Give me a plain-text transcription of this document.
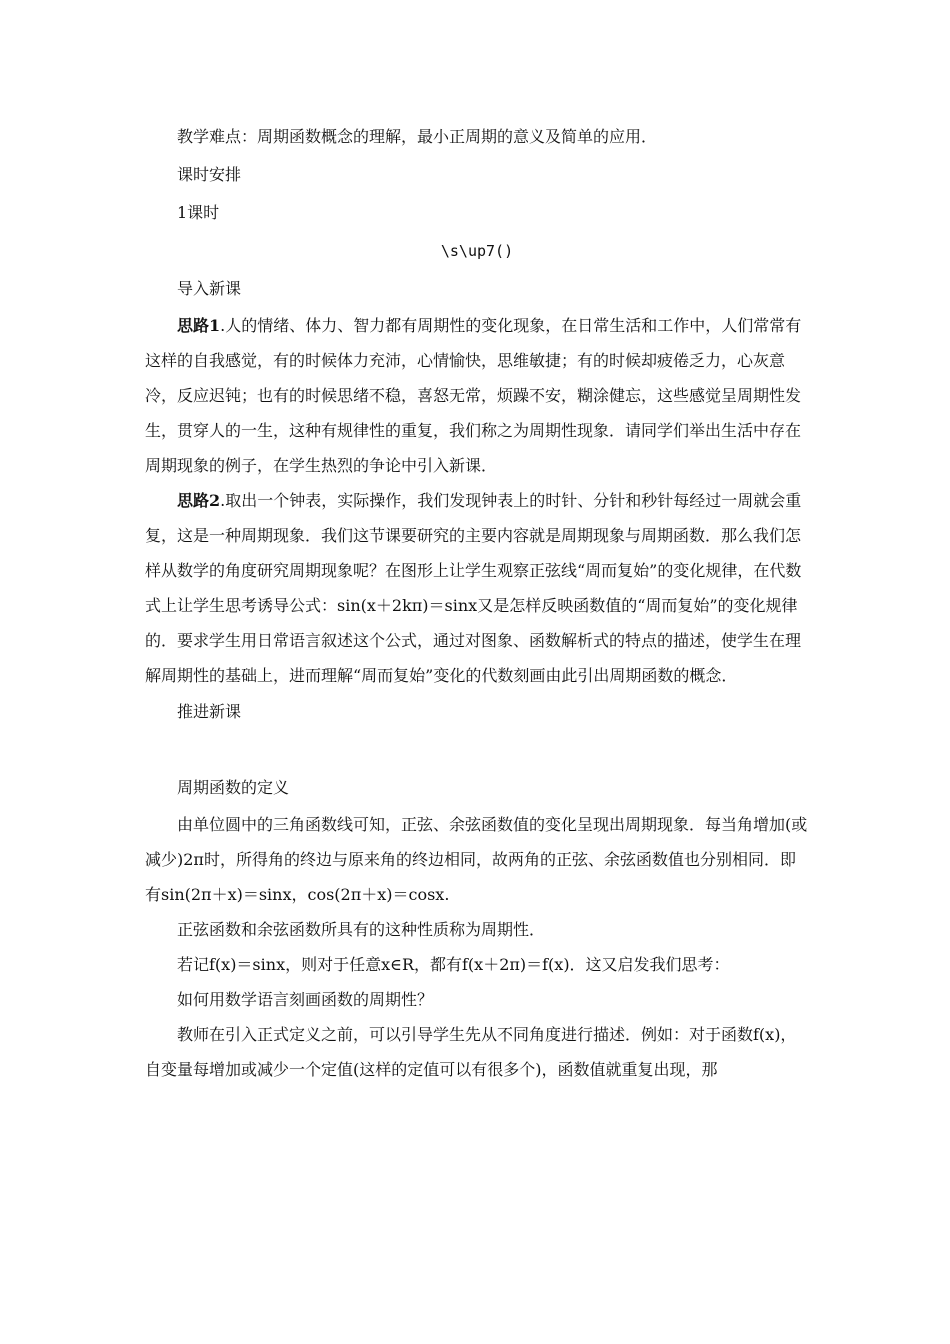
教学难点：周期函数概念的理解，最小正周期的意义及简单的应用．

课时安排

1课时

\s\up7()

导入新课

思路1.人的情绪、体力、智力都有周期性的变化现象，在日常生活和工作中，人们常常有这样的自我感觉，有的时候体力充沛，心情愉快，思维敏捷；有的时候却疲倦乏力，心灰意冷，反应迟钝；也有的时候思绪不稳，喜怒无常，烦躁不安，糊涂健忘，这些感觉呈周期性发生，贯穿人的一生，这种有规律性的重复，我们称之为周期性现象．请同学们举出生活中存在周期现象的例子，在学生热烈的争论中引入新课．

思路2.取出一个钟表，实际操作，我们发现钟表上的时针、分针和秒针每经过一周就会重复，这是一种周期现象．我们这节课要研究的主要内容就是周期现象与周期函数．那么我们怎样从数学的角度研究周期现象呢？在图形上让学生观察正弦线“周而复始”的变化规律，在代数式上让学生思考诱导公式：sin(x＋2kπ)＝sinx又是怎样反映函数值的“周而复始”的变化规律的．要求学生用日常语言叙述这个公式，通过对图象、函数解析式的特点的描述，使学生在理解周期性的基础上，进而理解“周而复始”变化的代数刻画由此引出周期函数的概念．

推进新课

周期函数的定义

由单位圆中的三角函数线可知，正弦、余弦函数值的变化呈现出周期现象．每当角增加(或减少)2π时，所得角的终边与原来角的终边相同，故两角的正弦、余弦函数值也分别相同．即有sin(2π＋x)＝sinx，cos(2π＋x)＝cosx.

正弦函数和余弦函数所具有的这种性质称为周期性．

若记f(x)＝sinx，则对于任意x∈R，都有f(x＋2π)＝f(x)．这又启发我们思考：

如何用数学语言刻画函数的周期性？

教师在引入正式定义之前，可以引导学生先从不同角度进行描述．例如：对于函数f(x)，自变量每增加或减少一个定值(这样的定值可以有很多个)，函数值就重复出现，那
